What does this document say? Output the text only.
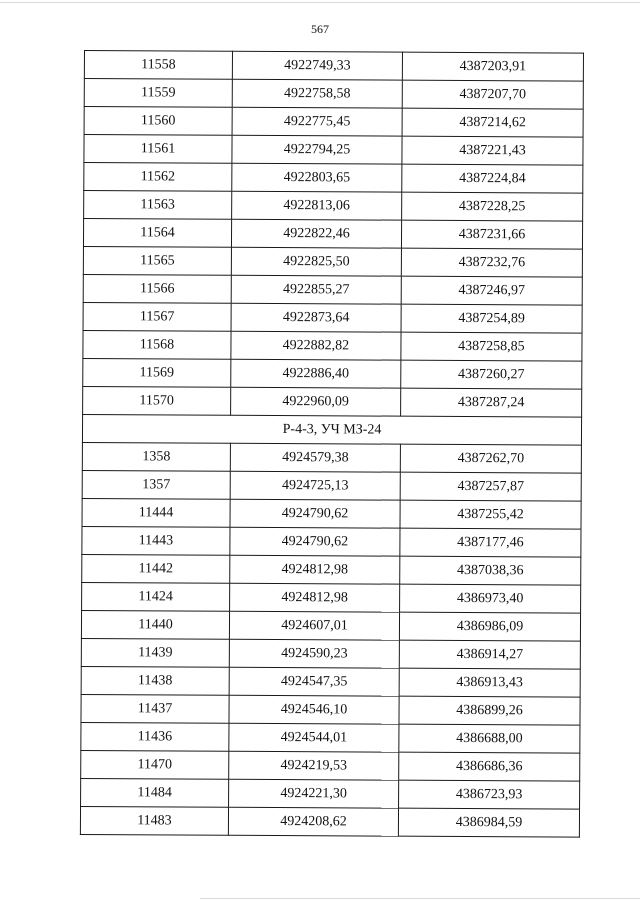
567
11558	4922749,33	4387203,91
11559	4922758,58	4387207,70
11560	4922775,45	4387214,62
11561	4922794,25	4387221,43
11562	4922803,65	4387224,84
11563	4922813,06	4387228,25
11564	4922822,46	4387231,66
11565	4922825,50	4387232,76
11566	4922855,27	4387246,97
11567	4922873,64	4387254,89
11568	4922882,82	4387258,85
11569	4922886,40	4387260,27
11570	4922960,09	4387287,24
Р-4-3, УЧ МЗ-24		
1358	4924579,38	4387262,70
1357	4924725,13	4387257,87
11444	4924790,62	4387255,42
11443	4924790,62	4387177,46
11442	4924812,98	4387038,36
11424	4924812,98	4386973,40
11440	4924607,01	4386986,09
11439	4924590,23	4386914,27
11438	4924547,35	4386913,43
11437	4924546,10	4386899,26
11436	4924544,01	4386688,00
11470	4924219,53	4386686,36
11484	4924221,30	4386723,93
11483	4924208,62	4386984,59
